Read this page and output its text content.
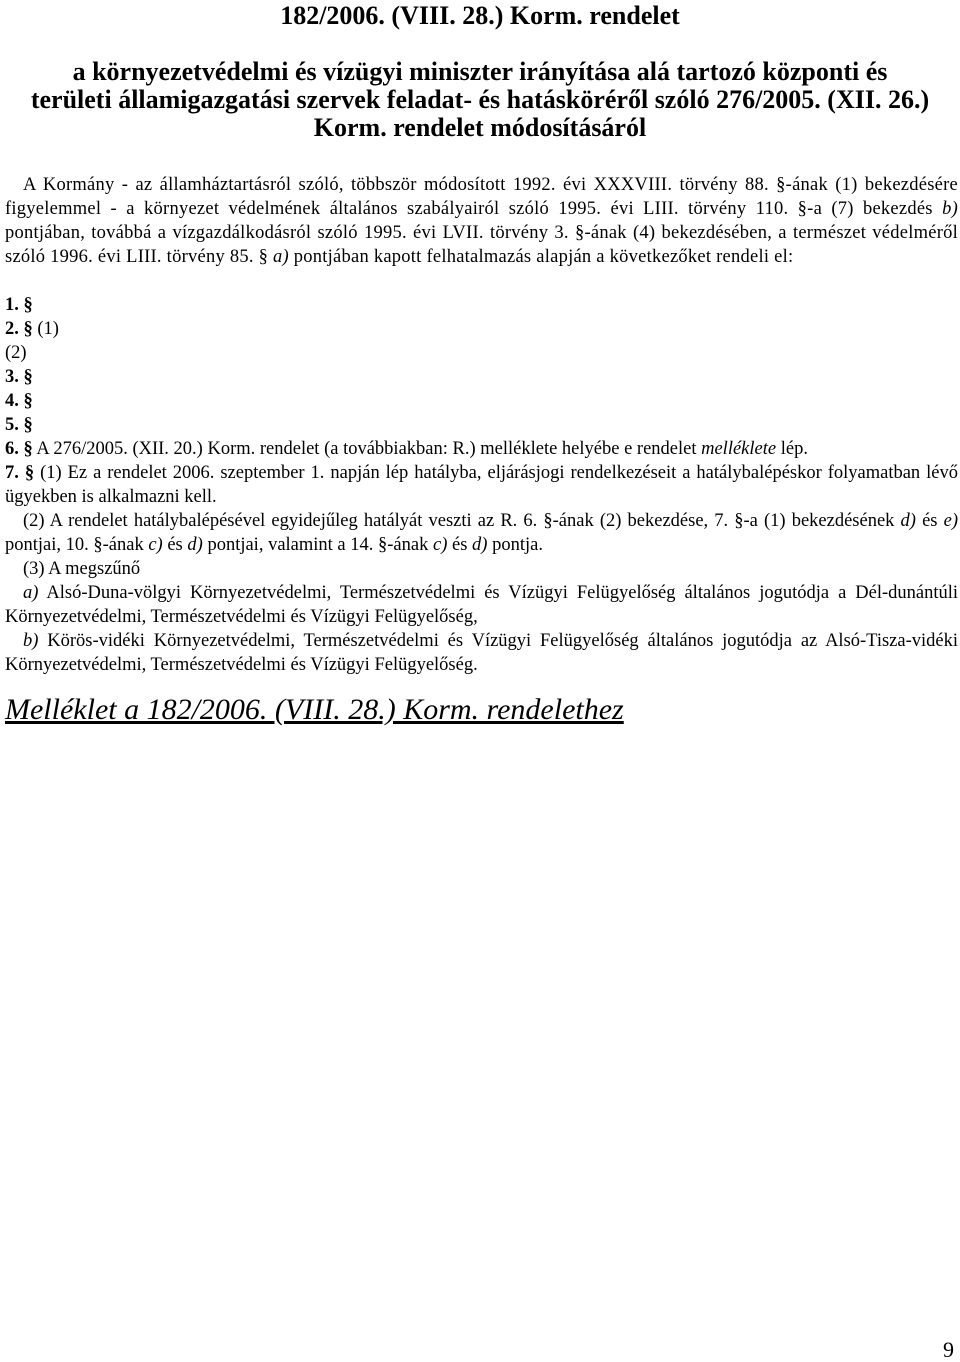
182/2006. (VIII. 28.) Korm. rendelet
a környezetvédelmi és vízügyi miniszter irányítása alá tartozó központi és területi államigazgatási szervek feladat- és hatásköréről szóló 276/2005. (XII. 26.) Korm. rendelet módosításáról
A Kormány - az államháztartásról szóló, többször módosított 1992. évi XXXVIII. törvény 88. §-ának (1) bekezdésére figyelemmel - a környezet védelmének általános szabályairól szóló 1995. évi LIII. törvény 110. §-a (7) bekezdés b) pontjában, továbbá a vízgazdálkodásról szóló 1995. évi LVII. törvény 3. §-ának (4) bekezdésében, a természet védelméről szóló 1996. évi LIII. törvény 85. § a) pontjában kapott felhatalmazás alapján a következőket rendeli el:
1. §
2. § (1)
(2)
3. §
4. §
5. §

6. § A 276/2005. (XII. 20.) Korm. rendelet (a továbbiakban: R.) melléklete helyébe e rendelet melléklete lép.

7. § (1) Ez a rendelet 2006. szeptember 1. napján lép hatályba, eljárásjogi rendelkezéseit a hatálybalépéskor folyamatban lévő ügyekben is alkalmazni kell.

(2) A rendelet hatálybalépésével egyidejűleg hatályát veszti az R. 6. §-ának (2) bekezdése, 7. §-a (1) bekezdésének d) és e) pontjai, 10. §-ának c) és d) pontjai, valamint a 14. §-ának c) és d) pontja.

(3) A megszűnő

a) Alsó-Duna-völgyi Környezetvédelmi, Természetvédelmi és Vízügyi Felügyelőség általános jogutódja a Dél-dunántúli Környezetvédelmi, Természetvédelmi és Vízügyi Felügyelőség,

b) Körös-vidéki Környezetvédelmi, Természetvédelmi és Vízügyi Felügyelőség általános jogutódja az Alsó-Tisza-vidéki Környezetvédelmi, Természetvédelmi és Vízügyi Felügyelőség.

Melléklet a 182/2006. (VIII. 28.) Korm. rendelethez
9
